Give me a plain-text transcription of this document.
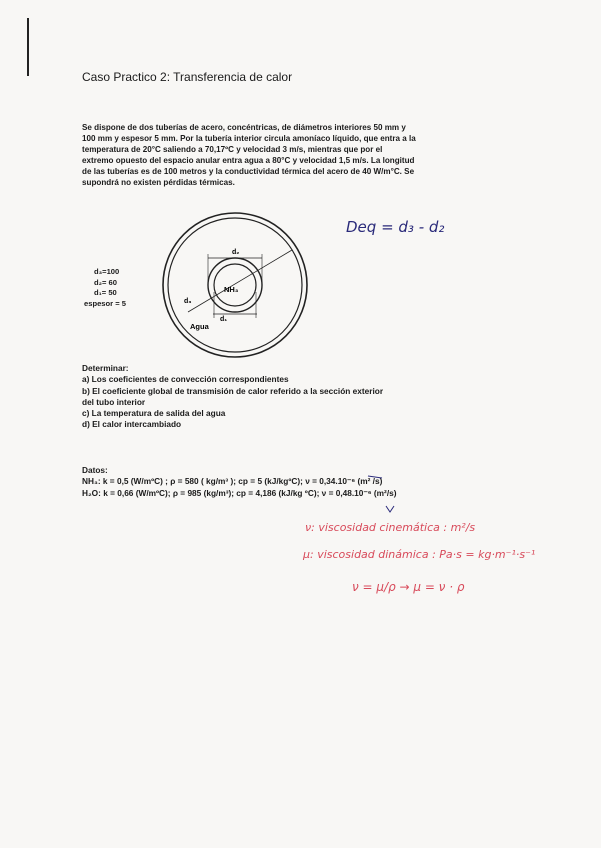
Caso Practico 2: Transferencia de calor

Se dispone de dos tuberías de acero, concéntricas, de diámetros interiores 50 mm y

100 mm y espesor 5 mm. Por la tubería interior circula amoníaco líquido, que entra a la

temperatura de 20°C saliendo a 70,17ºC y velocidad 3 m/s, mientras que por el

extremo opuesto del espacio anular entra agua a 80°C y velocidad 1,5 m/s. La longitud

de las tuberías es de 100 metros y la conductividad térmica del acero de 40 W/m°C. Se

supondrá no existen pérdidas térmicas.

d₃=100
d₂= 60
d₁= 50
espesor = 5
d₂
d₃
d₁
NH₃
Agua
Deq = d₃ - d₂

Determinar:

a) Los coeficientes de convección correspondientes

b) El coeficiente global de transmisión de calor referido a la sección exterior

del tubo interior

c) La temperatura de salida del agua

d) El calor intercambiado

Datos:

NH₃: k = 0,5 (W/mºC) ; ρ = 580 ( kg/m³ ); cp = 5 (kJ/kgºC); ν = 0,34.10⁻⁶ (m² /s)

H₂O: k = 0,66 (W/mºC); ρ = 985 (kg/m³); cp = 4,186 (kJ/kg ºC); ν = 0,48.10⁻⁶ (m²/s)

ν: viscosidad cinemática : m²/s
μ: viscosidad dinámica : Pa·s = kg·m⁻¹·s⁻¹
ν = μ/ρ → μ = ν · ρ
